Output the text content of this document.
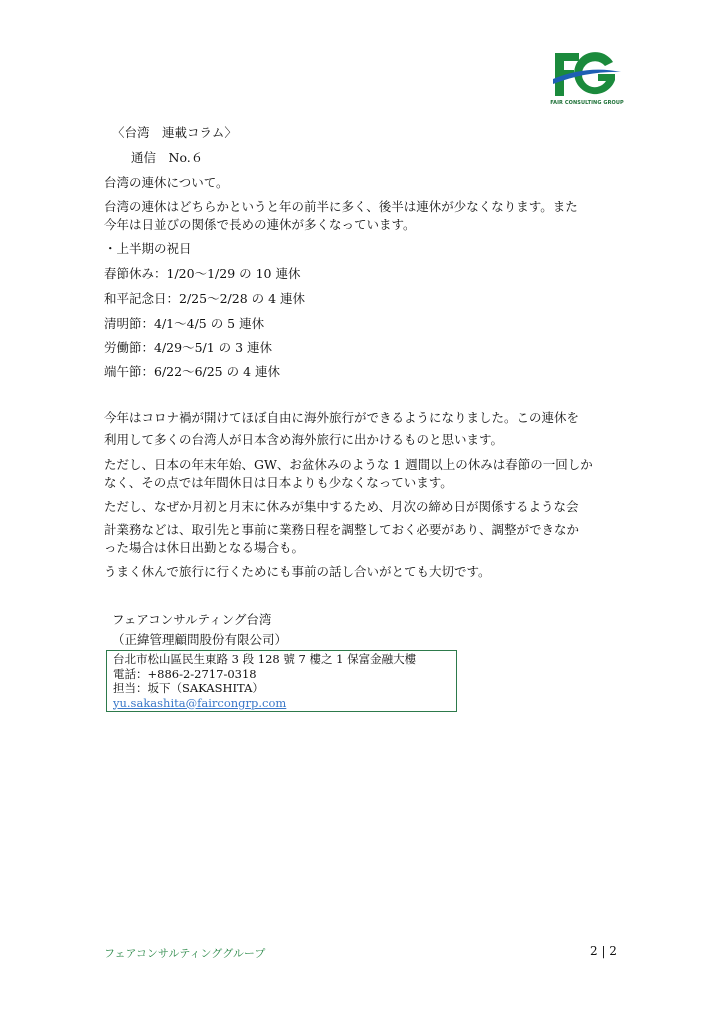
FAIR CONSULTING GROUP
〈台湾　連載コラム〉
通信　No.６
台湾の連休について。
台湾の連休はどちらかというと年の前半に多く、後半は連休が少なくなります。また
今年は日並びの関係で長めの連休が多くなっています。
・上半期の祝日
春節休み：1/20～1/29 の 10 連休
和平記念日：2/25～2/28 の 4 連休
清明節：4/1～4/5 の 5 連休
労働節：4/29～5/1 の 3 連休
端午節：6/22～6/25 の 4 連休
今年はコロナ禍が開けてほぼ自由に海外旅行ができるようになりました。この連休を
利用して多くの台湾人が日本含め海外旅行に出かけるものと思います。
ただし、日本の年末年始、GW、お盆休みのような 1 週間以上の休みは春節の一回しか
なく、その点では年間休日は日本よりも少なくなっています。
ただし、なぜか月初と月末に休みが集中するため、月次の締め日が関係するような会
計業務などは、取引先と事前に業務日程を調整しておく必要があり、調整ができなか
った場合は休日出勤となる場合も。
うまく休んで旅行に行くためにも事前の話し合いがとても大切です。
フェアコンサルティング台湾
（正緯管理顧問股份有限公司）
台北市松山區民生東路 3 段 128 號 7 樓之 1 保富金融大樓
電話：+886-2-2717-0318
担当：坂下（SAKASHITA）
yu.sakashita@faircongrp.com
フェアコンサルティンググループ	2 | 2
